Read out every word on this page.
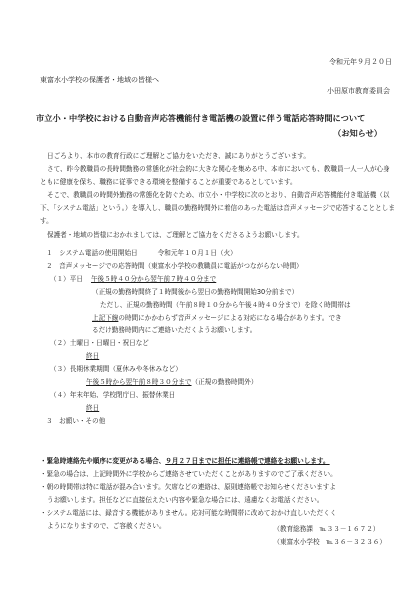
令和元年９月２０日
東富水小学校の保護者・地域の皆様へ
小田原市教育委員会
市立小・中学校における自動音声応答機能付き電話機の設置に伴う電話応答時間について
（お知らせ）

日ごろより、本市の教育行政にご理解とご協力をいただき、誠にありがとうございます。

さて、昨今教職員の長時間勤務の常態化が社会的に大きな関心を集める中、本市においても、教職員一人一人が心身ともに健康を保ち、職務に従事できる環境を整備することが重要であるとしています。

そこで、教職員の時間外勤務の常態化を防ぐため、市立小・中学校に次のとおり、自動音声応答機能付き電話機（以下、「システム電話」という。）を導入し、職員の勤務時間外に着信のあった電話は音声メッセージで応答することとします。

保護者・地域の皆様におかれましては、ご理解とご協力をくださるようお願いします。

１　システム電話の使用開始日	令和元年１０月１日（火）
２　音声メッセージでの応答時間（東富水小学校の教職員に電話がつながらない時間）
（１）平日 午後５時４０分から翌午前７時４０分まで
（正規の勤務時間終了１時間後から翌日の勤務時間開始30分前まで）
ただし、正規の勤務時間（午前８時１０分から午後４時４０分まで）を除く時間帯は
上記下線の時間にかかわらず音声メッセージによる対応になる場合があります。でき
るだけ勤務時間内にご連絡いただくようお願いします。
（２）土曜日・日曜日・祝日など
終日
（３）長期休業期間（夏休みや冬休みなど）
午後５時から翌午前８時３０分まで（正規の勤務時間外）
（４）年末年始、学校閉庁日、振替休業日
終日
３　お願い・その他
・緊急時連絡先や順序に変更がある場合、９月２７日までに担任に連絡帳で連絡をお願いします。
・緊急の場合は、上記時間外に学校からご連絡させていただくことがありますのでご了承ください。
・朝の時間帯は特に電話が混み合います。欠席などの連絡は、原則連絡帳でお知らせくださいますよ
うお願いします。担任などに直接伝えたい内容や緊急な場合には、遠慮なくお電話ください。
・システム電話には、録音する機能がありません。応対可能な時間帯に改めておかけ直しいただくく
ようになりますので、ご容赦ください。	（教育総務課　℡３３－１６７２）
（東富水小学校　℡３６－３２３６）
